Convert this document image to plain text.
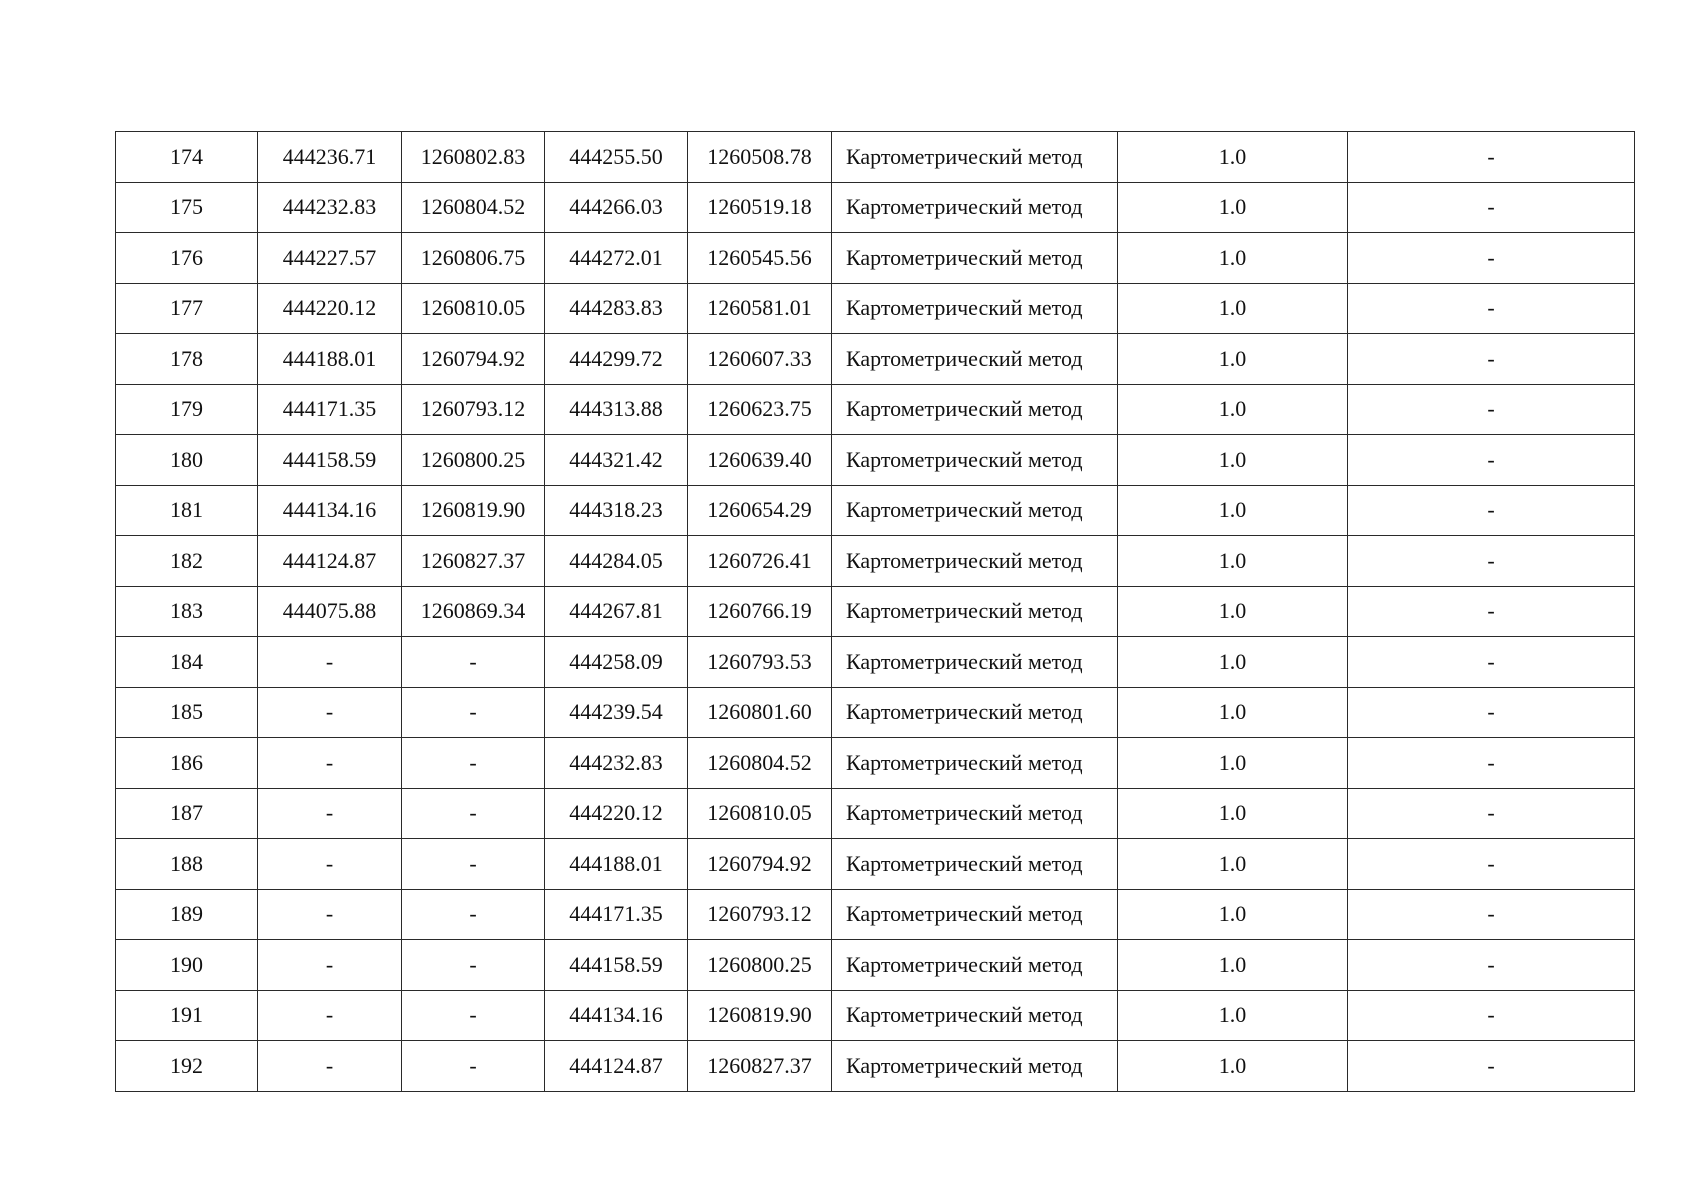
174	444236.71	1260802.83	444255.50	1260508.78	Картометрический метод	1.0	-
175	444232.83	1260804.52	444266.03	1260519.18	Картометрический метод	1.0	-
176	444227.57	1260806.75	444272.01	1260545.56	Картометрический метод	1.0	-
177	444220.12	1260810.05	444283.83	1260581.01	Картометрический метод	1.0	-
178	444188.01	1260794.92	444299.72	1260607.33	Картометрический метод	1.0	-
179	444171.35	1260793.12	444313.88	1260623.75	Картометрический метод	1.0	-
180	444158.59	1260800.25	444321.42	1260639.40	Картометрический метод	1.0	-
181	444134.16	1260819.90	444318.23	1260654.29	Картометрический метод	1.0	-
182	444124.87	1260827.37	444284.05	1260726.41	Картометрический метод	1.0	-
183	444075.88	1260869.34	444267.81	1260766.19	Картометрический метод	1.0	-
184	-	-	444258.09	1260793.53	Картометрический метод	1.0	-
185	-	-	444239.54	1260801.60	Картометрический метод	1.0	-
186	-	-	444232.83	1260804.52	Картометрический метод	1.0	-
187	-	-	444220.12	1260810.05	Картометрический метод	1.0	-
188	-	-	444188.01	1260794.92	Картометрический метод	1.0	-
189	-	-	444171.35	1260793.12	Картометрический метод	1.0	-
190	-	-	444158.59	1260800.25	Картометрический метод	1.0	-
191	-	-	444134.16	1260819.90	Картометрический метод	1.0	-
192	-	-	444124.87	1260827.37	Картометрический метод	1.0	-
